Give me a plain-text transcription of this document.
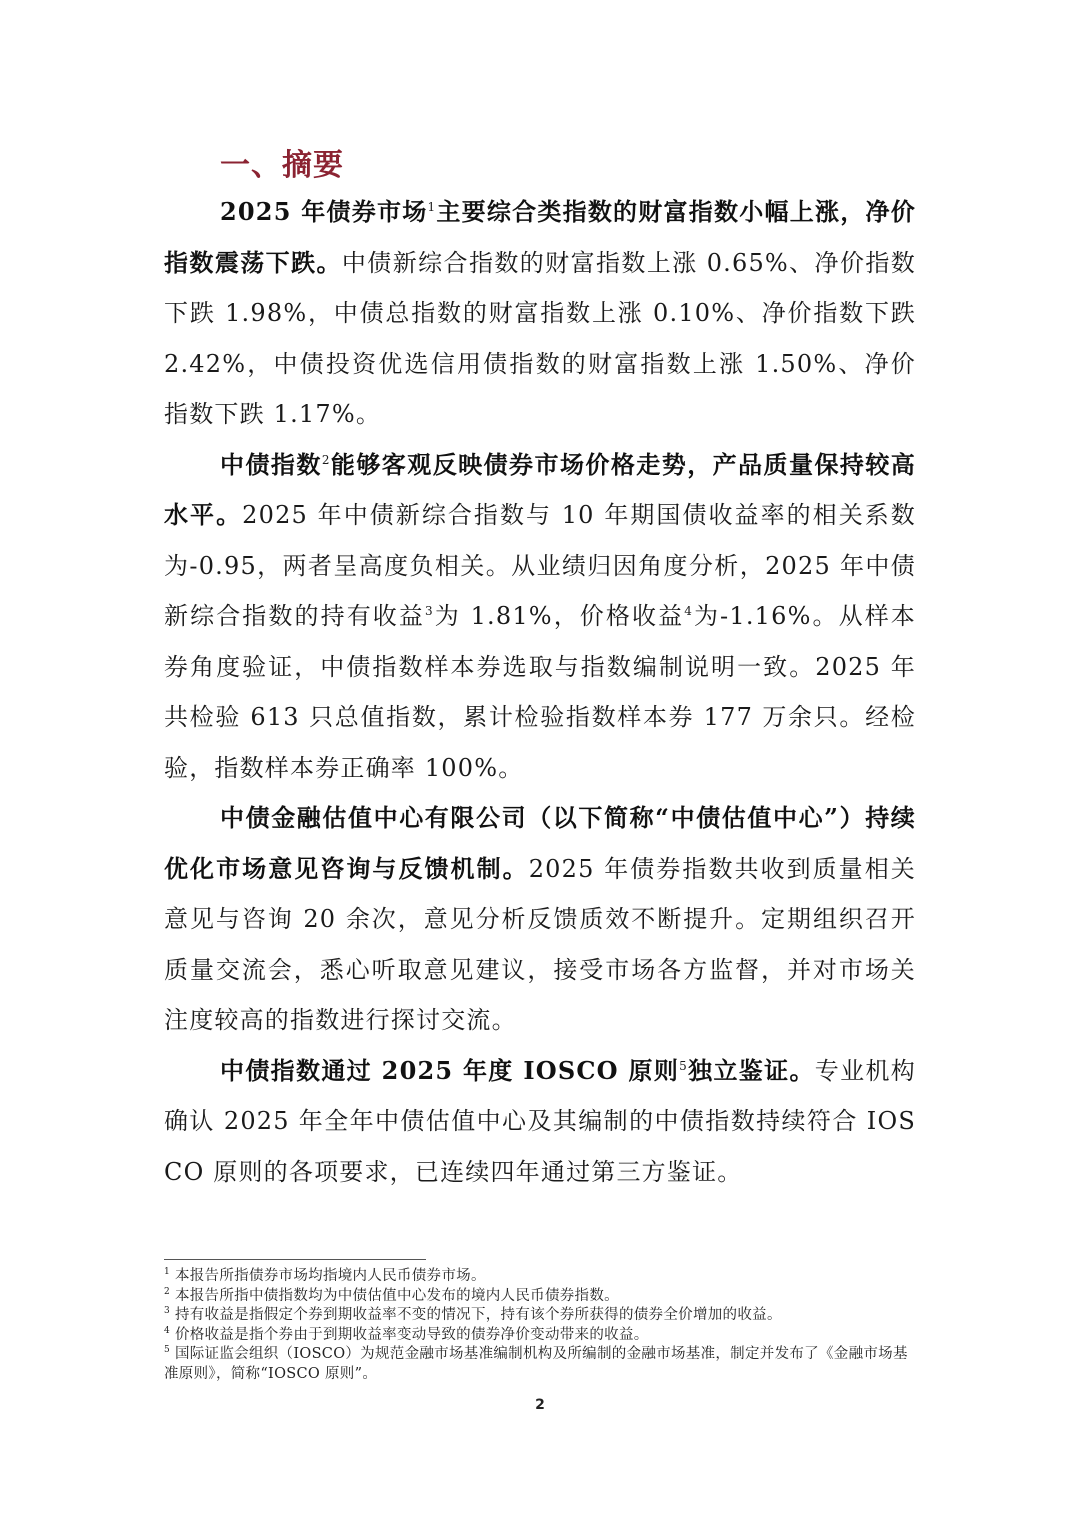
一、摘要

2025 年债券市场$^1$主要综合类指数的财富指数小幅上涨，净价指数震荡下跌。中债新综合指数的财富指数上涨 0.65%、净价指数下跌 1.98%，中债总指数的财富指数上涨 0.10%、净价指数下跌 2.42%，中债投资优选信用债指数的财富指数上涨 1.50%、净价指数下跌 1.17%。

中债指数$^2$能够客观反映债券市场价格走势，产品质量保持较高水平。2025 年中债新综合指数与 10 年期国债收益率的相关系数为-0.95，两者呈高度负相关。从业绩归因角度分析，2025 年中债新综合指数的持有收益$^3$为 1.81%，价格收益$^4$为-1.16%。从样本券角度验证，中债指数样本券选取与指数编制说明一致。2025 年共检验 613 只总值指数，累计检验指数样本券 177 万余只。经检验，指数样本券正确率 100%。

中债金融估值中心有限公司（以下简称“中债估值中心”）持续优化市场意见咨询与反馈机制。2025 年债券指数共收到质量相关意见与咨询 20 余次，意见分析反馈质效不断提升。定期组织召开质量交流会，悉心听取意见建议，接受市场各方监督，并对市场关注度较高的指数进行探讨交流。

中债指数通过 2025 年度 IOSCO 原则$^5$独立鉴证。专业机构确认 2025 年全年中债估值中心及其编制的中债指数持续符合 IOSCO 原则的各项要求，已连续四年通过第三方鉴证。

$^1$ 本报告所指债券市场均指境内人民币债券市场。

$^2$ 本报告所指中债指数均为中债估值中心发布的境内人民币债券指数。

$^3$ 持有收益是指假定个券到期收益率不变的情况下，持有该个券所获得的债券全价增加的收益。

$^4$ 价格收益是指个券由于到期收益率变动导致的债券净价变动带来的收益。

$^5$ 国际证监会组织（IOSCO）为规范金融市场基准编制机构及所编制的金融市场基准，制定并发布了《金融市场基准原则》，简称“IOSCO 原则”。

2
